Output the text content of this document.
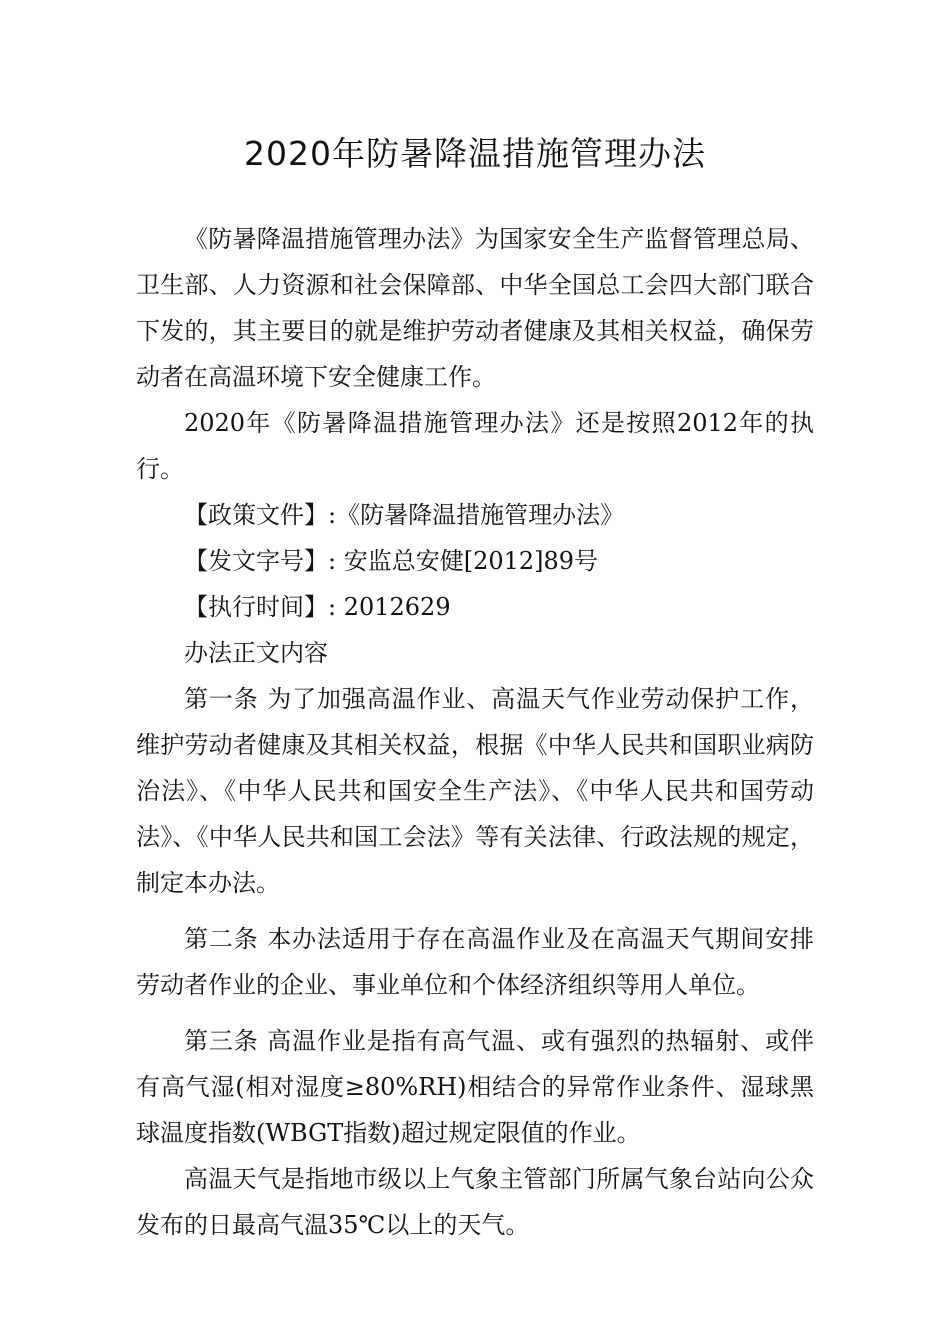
2020年防暑降温措施管理办法

《防暑降温措施管理办法》为国家安全生产监督管理总局、卫生部、人力资源和社会保障部、中华全国总工会四大部门联合下发的，其主要目的就是维护劳动者健康及其相关权益，确保劳动者在高温环境下安全健康工作。

2020年《防暑降温措施管理办法》还是按照2012年的执行。

【政策文件】:《防暑降温措施管理办法》

【发文字号】: 安监总安健[2012]89号

【执行时间】: 2012629

办法正文内容

第一条 为了加强高温作业、高温天气作业劳动保护工作，维护劳动者健康及其相关权益，根据《中华人民共和国职业病防治法》、《中华人民共和国安全生产法》、《中华人民共和国劳动法》、《中华人民共和国工会法》等有关法律、行政法规的规定，制定本办法。

第二条 本办法适用于存在高温作业及在高温天气期间安排劳动者作业的企业、事业单位和个体经济组织等用人单位。

第三条 高温作业是指有高气温、或有强烈的热辐射、或伴有高气湿(相对湿度≥80%RH)相结合的异常作业条件、湿球黑球温度指数(WBGT指数)超过规定限值的作业。

高温天气是指地市级以上气象主管部门所属气象台站向公众发布的日最高气温35℃以上的天气。
